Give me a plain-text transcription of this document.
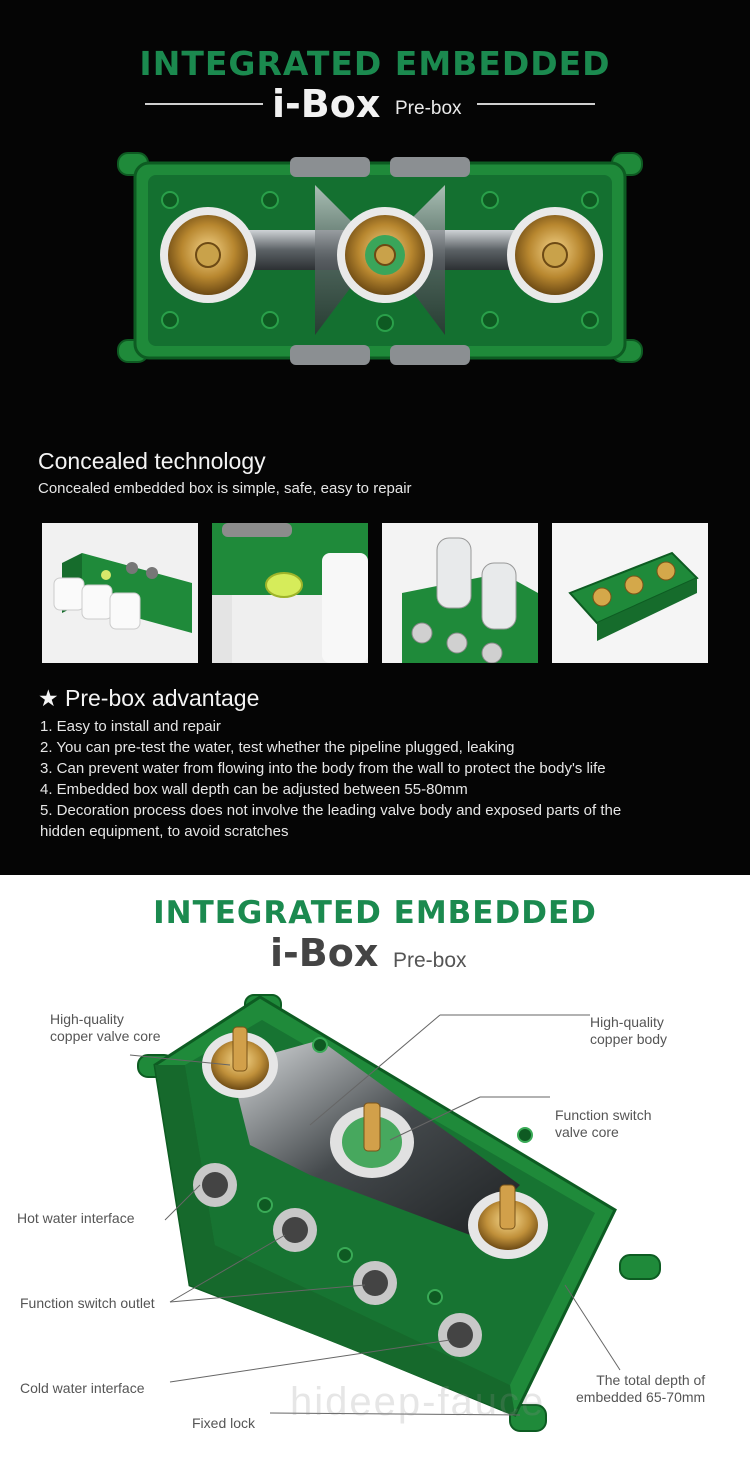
INTEGRATED EMBEDDED
i-Box Pre-box
Concealed technology
Concealed embedded box is simple, safe, easy to repair
★ Pre-box advantage
1. Easy to install and repair
2. You can pre-test the water, test whether the pipeline plugged, leaking
3. Can prevent water from flowing into the body from the wall to protect the body's life
4. Embedded box wall depth can be adjusted between 55-80mm
5. Decoration process does not involve the leading valve body and exposed parts of the
hidden equipment, to avoid scratches
INTEGRATED EMBEDDED
i-Box Pre-box
High-quality
copper valve core
High-quality
copper body
Function switch
valve core
Hot water interface
Function switch outlet
Cold water interface
Fixed lock
The total depth of
embedded 65-70mm
hideep-fauce
